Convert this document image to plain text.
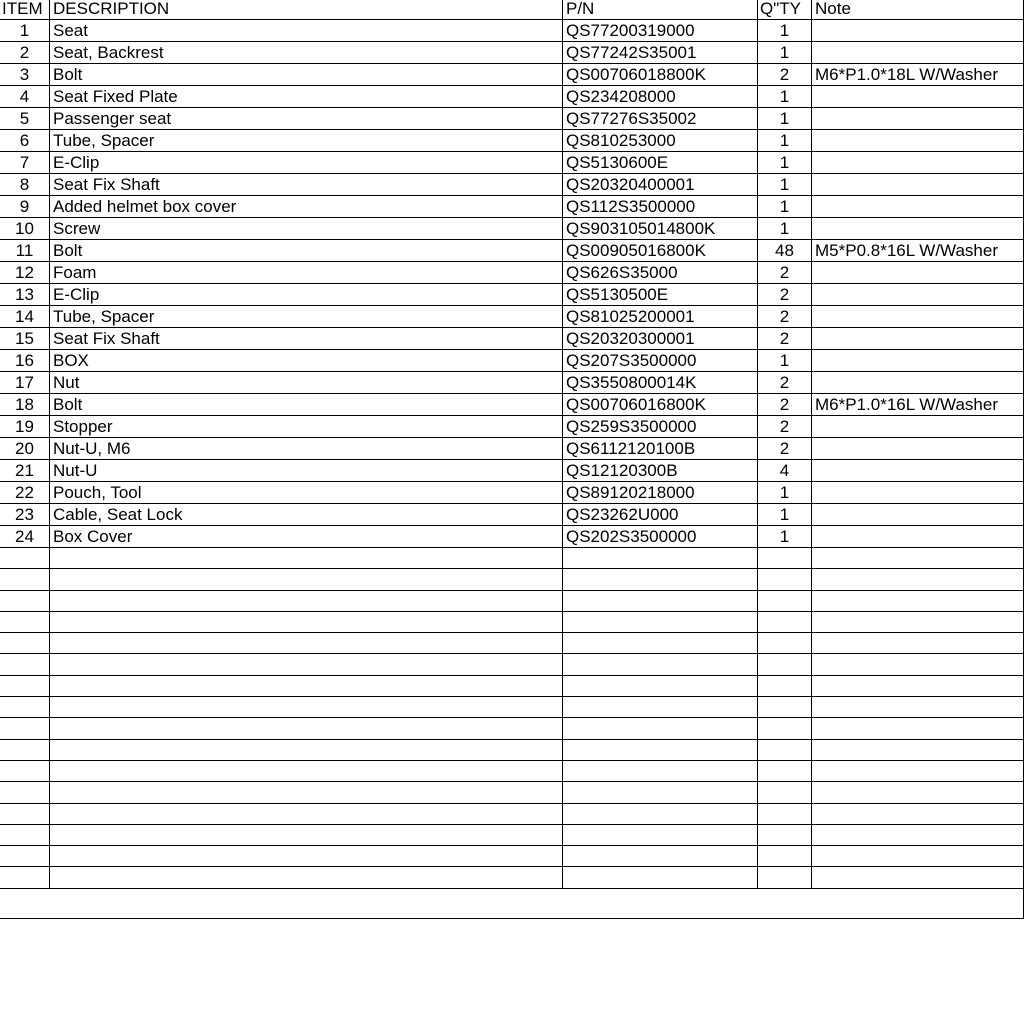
ITEM	DESCRIPTION	P/N	Q"TY	Note
1	Seat	QS77200319000	1	
2	Seat, Backrest	QS77242S35001	1	
3	Bolt	QS00706018800K	2	M6*P1.0*18L W/Washer
4	Seat Fixed Plate	QS234208000	1	
5	Passenger seat	QS77276S35002	1	
6	Tube, Spacer	QS810253000	1	
7	E-Clip	QS5130600E	1	
8	Seat Fix Shaft	QS20320400001	1	
9	Added helmet box cover	QS112S3500000	1	
10	Screw	QS903105014800K	1	
11	Bolt	QS00905016800K	48	M5*P0.8*16L W/Washer
12	Foam	QS626S35000	2	
13	E-Clip	QS5130500E	2	
14	Tube, Spacer	QS81025200001	2	
15	Seat Fix Shaft	QS20320300001	2	
16	BOX	QS207S3500000	1	
17	Nut	QS3550800014K	2	
18	Bolt	QS00706016800K	2	M6*P1.0*16L W/Washer
19	Stopper	QS259S3500000	2	
20	Nut-U, M6	QS6112120100B	2	
21	Nut-U	QS12120300B	4	
22	Pouch, Tool	QS89120218000	1	
23	Cable, Seat Lock	QS23262U000	1	
24	Box Cover	QS202S3500000	1	
